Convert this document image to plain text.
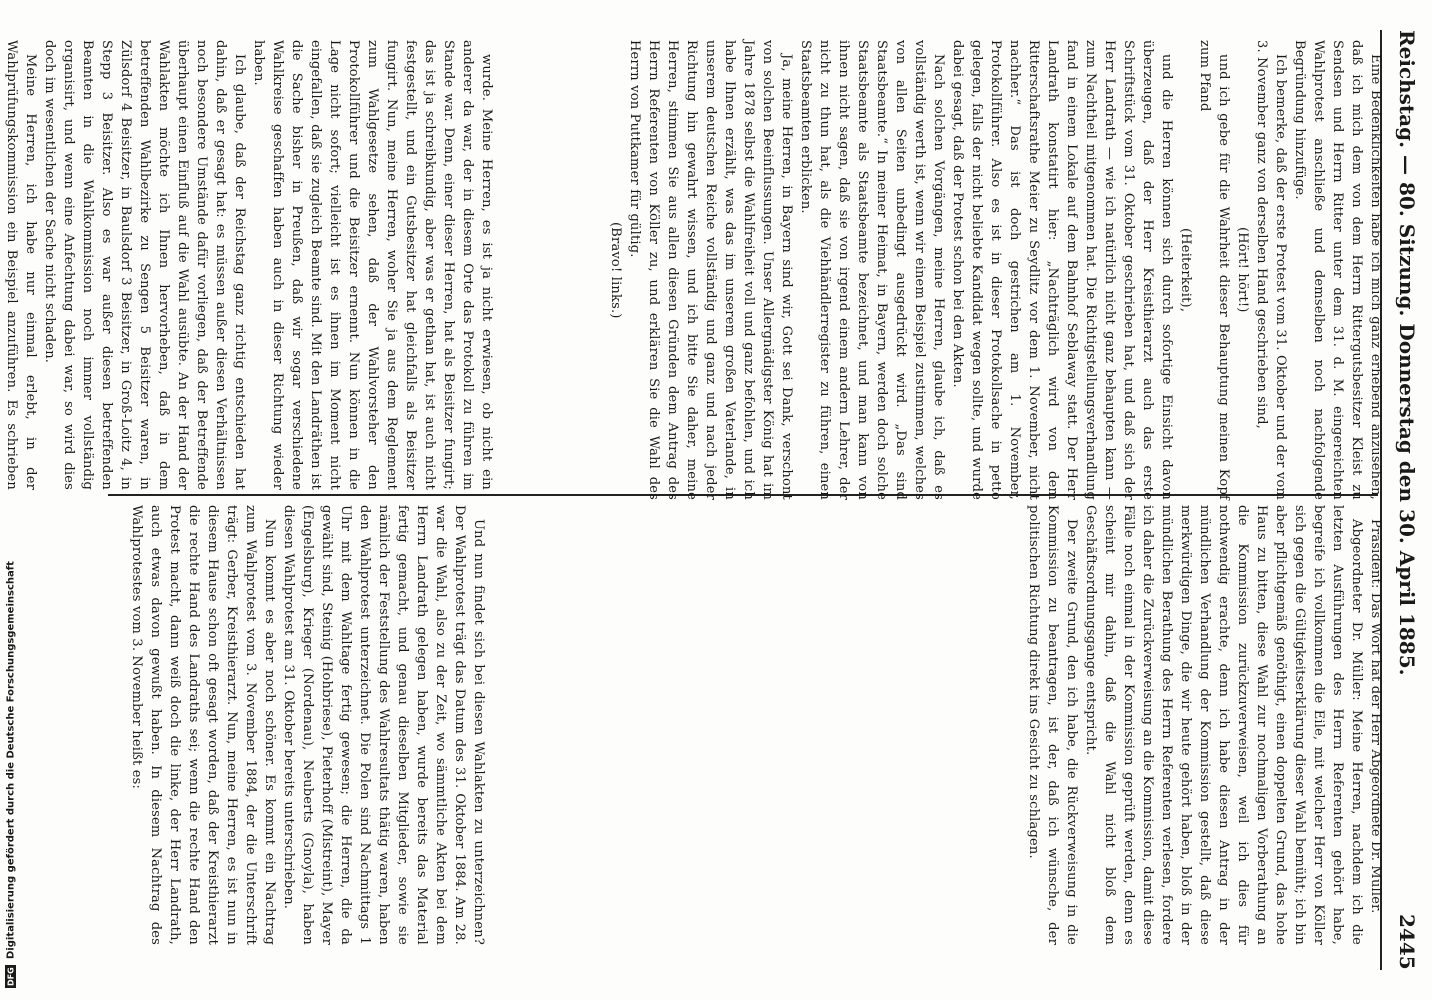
Reichstag. — 80. Sitzung. Donnerstag den 30. April 1885.
2445

Eine Bedenklichkeiten habe ich mich ganz erhebend anzusehen, daß ich mich dem von dem Herrn Rittergutsbesitzer Kleist zu Sendsen und Herrn Ritter unter dem 31. d. M. eingereichten Wahlprotest anschließe und demselben noch nachfolgende Begründung hinzufüge.

Ich bemerke, daß der erste Protest vom 31. Oktober und der vom 3. November ganz von derselben Hand geschrieben sind,

(Hört! hört!)

und ich gebe für die Wahrheit dieser Behauptung meinen Kopf zum Pfand

(Heiterkeit),

und die Herren können sich durch sofortige Einsicht davon überzeugen, daß der Herr Kreisthierarzt auch das erste Schriftstück vom 31. Oktober geschrieben hat, und daß sich der Herr Landrath — wie ich natürlich nicht ganz behaupten kann — zum Nachtheil mitgenommen hat. Die Richtigstellungsverhandlung fand in einem Lokale auf dem Bahnhof Seblaway statt. Der Herr Landrath konstatirt hier: „Nachträglich wird von dem Ritterschaftsrathe Meier zu Seydlitz vor dem 1. November, nicht nachher.“ Das ist doch gestrichen am 1. November, Protokollführer. Also es ist in dieser Protokollsache in petto gelegen, falls der nicht beliebte Kandidat wegen sollte, und wurde dabei gesagt, daß der Protest schon bei den Akten.

Nach solchen Vorgängen, meine Herren, glaube ich, daß es vollständig werth ist, wenn wir einem Beispiel zustimmen, welches von allen Seiten unbedingt ausgedrückt wird. „Das sind Staatsbeamte.“ In meiner Heimat, in Bayern, werden doch solche Staatsbeamte als Staatsbeamte bezeichnet, und man kann von ihnen nicht sagen, daß sie von irgend einem andern Lehrer, der nicht zu thun hat, als die Viehhändlerregister zu führen, einen Staatsbeamten erblicken.

Ja, meine Herren, in Bayern sind wir, Gott sei Dank, verschont von solchen Beeinflussungen. Unser Allergnädigster König hat im Jahre 1878 selbst die Wahlfreiheit voll und ganz befohlen, und ich habe Ihnen erzählt, was das im unserem großen Vaterlande, in unserem deutschen Reiche vollständig und ganz und nach jeder Richtung hin gewahrt wissen, und ich bitte Sie daher, meine Herren, stimmen Sie aus allen diesen Gründen dem Antrag des Herrn Referenten von Köller zu, und erklären Sie die Wahl des Herrn von Puttkamer für gültig.

(Bravo! links.)

Präsident: Das Wort hat der Herr Abgeordnete Dr. Müller.

Abgeordneter Dr. Müller: Meine Herren, nachdem ich die letzten Ausführungen des Herrn Referenten gehört habe, begreife ich vollkommen die Eile, mit welcher Herr von Köller sich gegen die Gültigkeitserklärung dieser Wahl bemüht; ich bin aber pflichtgemäß genöthigt, einen doppelten Grund, das hohe Haus zu bitten, diese Wahl zur nochmaligen Vorberathung an die Kommission zurückzuverweisen, weil ich dies für nothwendig erachte, denn ich habe diesen Antrag in der mündlichen Verhandlung der Kommission gestellt, daß diese merkwürdigen Dinge, die wir heute gehört haben, bloß in der mündlichen Berathung des Herrn Referenten verlesen, fordere ich daher die Zurückverweisung an die Kommission, damit diese Fälle noch einmal in der Kommission geprüft werden, denn es scheint mir dahin, daß die Wahl nicht bloß dem Geschäftsordnungsgange entspricht.

Der zweite Grund, den ich habe, die Rückverweisung in die Kommission zu beantragen, ist der, daß ich wünsche, der politischen Richtung direkt ins Gesicht zu schlagen.

wurde. Meine Herren, es ist ja nicht erwiesen, ob nicht ein anderer da war, der in diesem Orte das Protokoll zu führen im Stande war. Denn, einer dieser Herren, hat als Beisitzer fungirt; das ist ja schreibkundig, aber was er gethan hat, ist auch nicht festgestellt, und ein Gutsbesitzer hat gleichfalls als Beisitzer fungirt. Nun, meine Herren, woher Sie ja aus dem Reglement zum Wahlgesetze sehen, daß der Wahlvorsteher den Protokollführer und die Beisitzer ernennt. Nun können in die Lage nicht sofort; vielleicht ist es ihnen im Moment nicht eingefallen, daß sie zugleich Beamte sind. Mit den Landräthen ist die Sache bisher in Preußen, daß wir sogar verschiedene Wahlkreise geschaffen haben auch in dieser Richtung wieder haben.

Ich glaube, daß der Reichstag ganz richtig entschieden hat dahin, daß er gesagt hat: es müssen außer diesen Verhältnissen noch besondere Umstände dafür vorliegen, daß der Betreffende überhaupt einen Einfluß auf die Wahl ausübte. An der Hand der Wahlakten möchte ich Ihnen hervorheben, daß in dem betreffenden Wahlbezirke zu Sengen 5 Beisitzer waren, in Zülsdorf 4 Beisitzer, in Baulsdorf 3 Beisitzer, in Groß-Loitz 4, in Stepp 3 Beisitzer. Also es war außer diesen betreffenden Beamten in die Wahlkommission noch immer vollständig organisirt, und wenn eine Anfechtung dabei war, so wird dies doch im wesentlichen der Sache nicht schaden.

Meine Herren, ich habe nur einmal erlebt, in der Wahlprüfungskommission ein Beispiel anzuführen. Es schrieben

Und nun findet sich bei diesen Wahlakten zu unterzeichnen? Der Wahlprotest trägt das Datum des 31. Oktober 1884. Am 28. war die Wahl, also zu der Zeit, wo sämmtliche Akten bei dem Herrn Landrath gelegen haben, wurde bereits das Material fertig gemacht, und genau dieselben Mitglieder, sowie sie nämlich der Feststellung des Wahlresultats thätig waren, haben den Wahlprotest unterzeichnet. Die Polen sind Nachmittags 1 Uhr mit dem Wahltage fertig gewesen; die Herren, die da gewählt sind, Steinig (Hohbriese), Pieterhoff (Mistreint), Mayer (Engelsburg), Krieger (Nordenau), Neuberts (Gnoyla), haben diesen Wahlprotest am 31. Oktober bereits unterschrieben.

Nun kommt es aber noch schöner. Es kommt ein Nachtrag zum Wahlprotest vom 3. November 1884, der die Unterschrift trägt: Gerber, Kreisthierarzt. Nun, meine Herren, es ist nun in diesem Hause schon oft gesagt worden, daß der Kreisthierarzt die rechte Hand des Landraths sei; wenn die rechte Hand den Protest macht, dann weiß doch die linke, der Herr Landrath, auch etwas davon gewußt haben. In diesem Nachtrag des Wahlprotestes vom 3. November heißt es:

DFG
Digitalisierung gefördert durch die Deutsche Forschungsgemeinschaft
